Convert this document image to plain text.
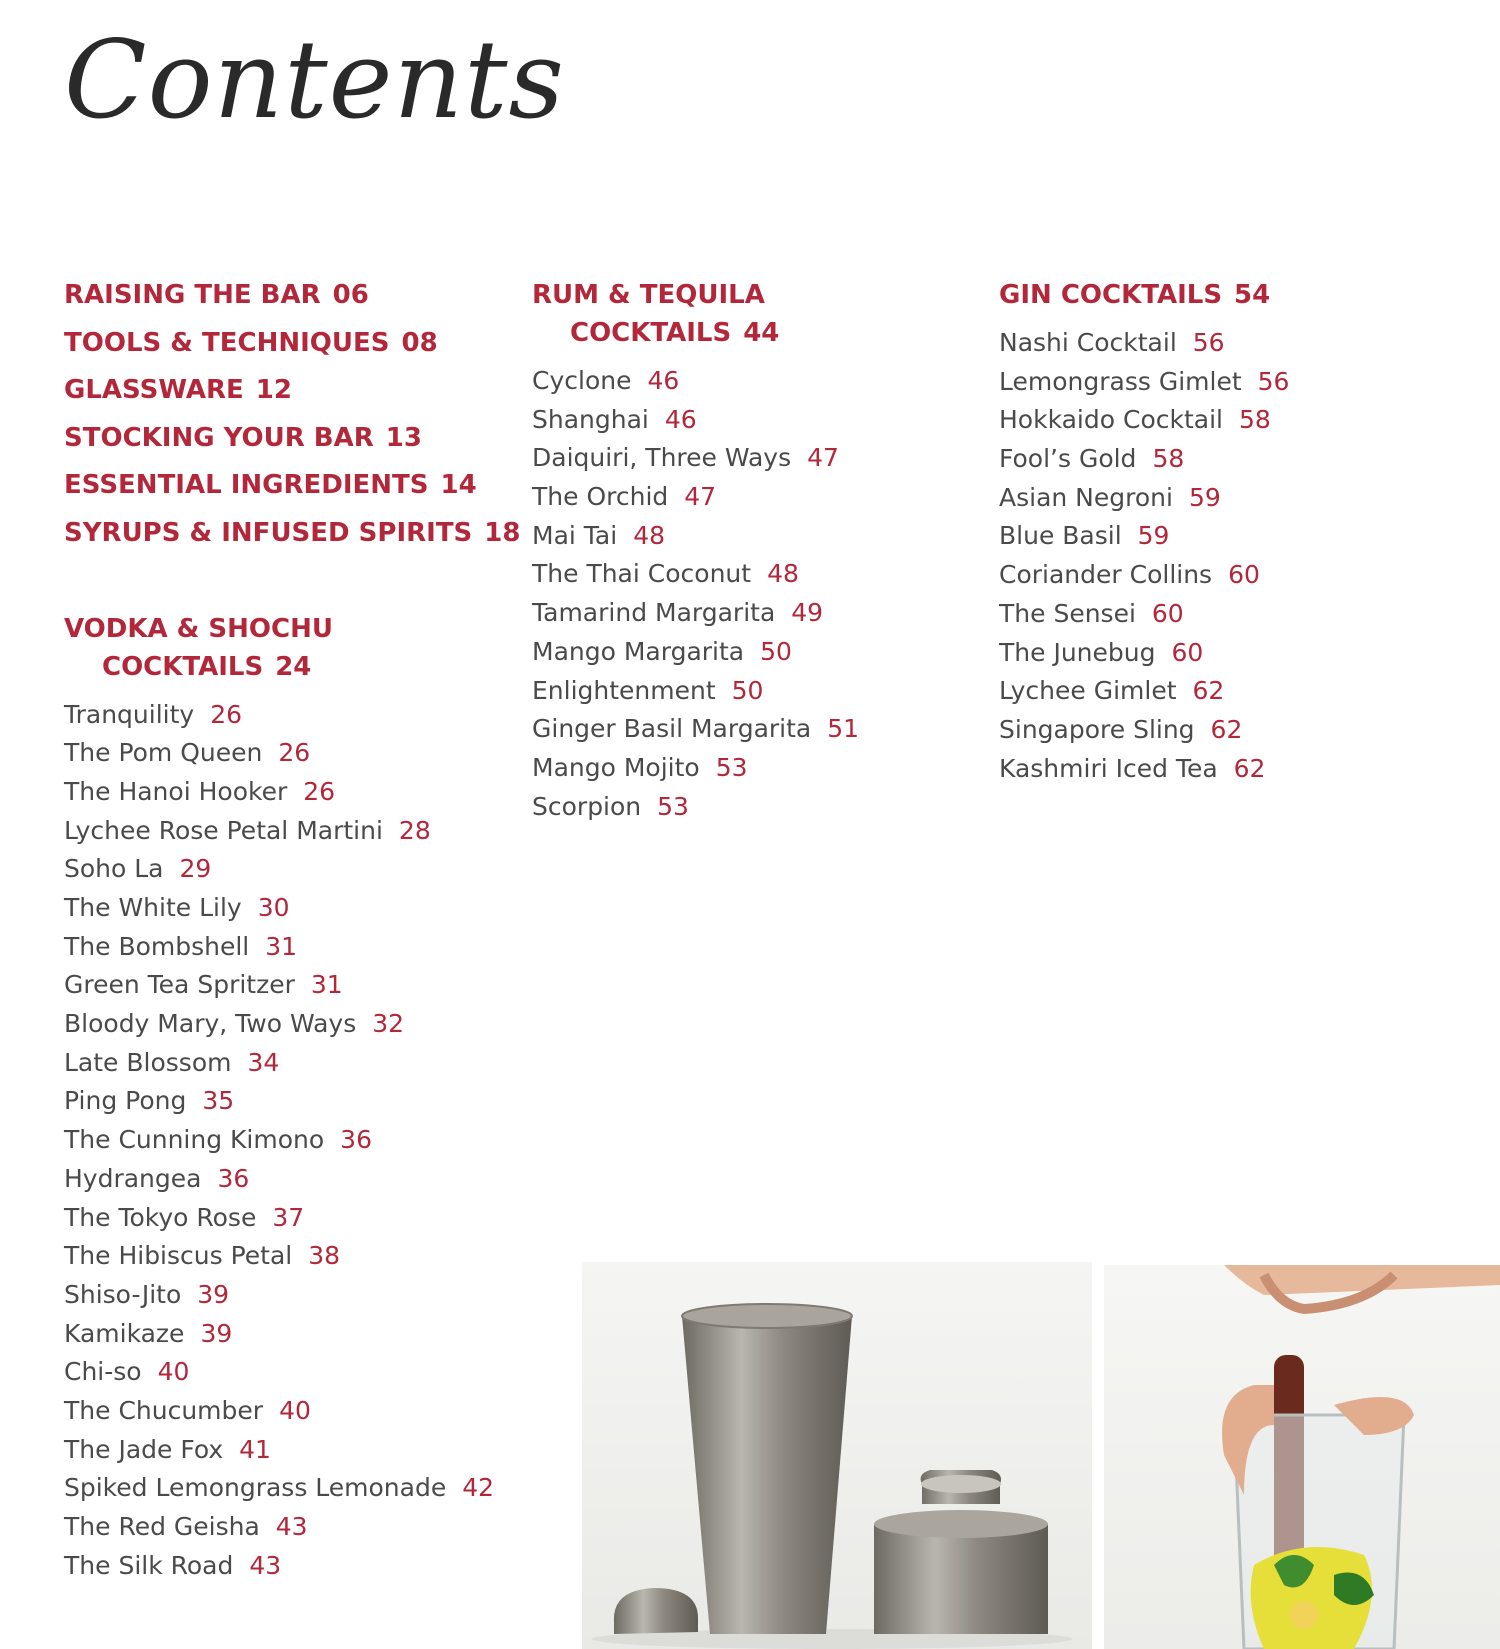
Contents
RAISING THE BAR 06
TOOLS & TECHNIQUES 08
GLASSWARE 12
STOCKING YOUR BAR 13
ESSENTIAL INGREDIENTS 14
SYRUPS & INFUSED SPIRITS 18
VODKA & SHOCHU
COCKTAILS 24
Tranquility 26
The Pom Queen 26
The Hanoi Hooker 26
Lychee Rose Petal Martini 28
Soho La 29
The White Lily 30
The Bombshell 31
Green Tea Spritzer 31
Bloody Mary, Two Ways 32
Late Blossom 34
Ping Pong 35
The Cunning Kimono 36
Hydrangea 36
The Tokyo Rose 37
The Hibiscus Petal 38
Shiso-Jito 39
Kamikaze 39
Chi-so 40
The Chucumber 40
The Jade Fox 41
Spiked Lemongrass Lemonade 42
The Red Geisha 43
The Silk Road 43
RUM & TEQUILA
COCKTAILS 44
Cyclone 46
Shanghai 46
Daiquiri, Three Ways 47
The Orchid 47
Mai Tai 48
The Thai Coconut 48
Tamarind Margarita 49
Mango Margarita 50
Enlightenment 50
Ginger Basil Margarita 51
Mango Mojito 53
Scorpion 53
GIN COCKTAILS 54
Nashi Cocktail 56
Lemongrass Gimlet 56
Hokkaido Cocktail 58
Fool’s Gold 58
Asian Negroni 59
Blue Basil 59
Coriander Collins 60
The Sensei 60
The Junebug 60
Lychee Gimlet 62
Singapore Sling 62
Kashmiri Iced Tea 62
